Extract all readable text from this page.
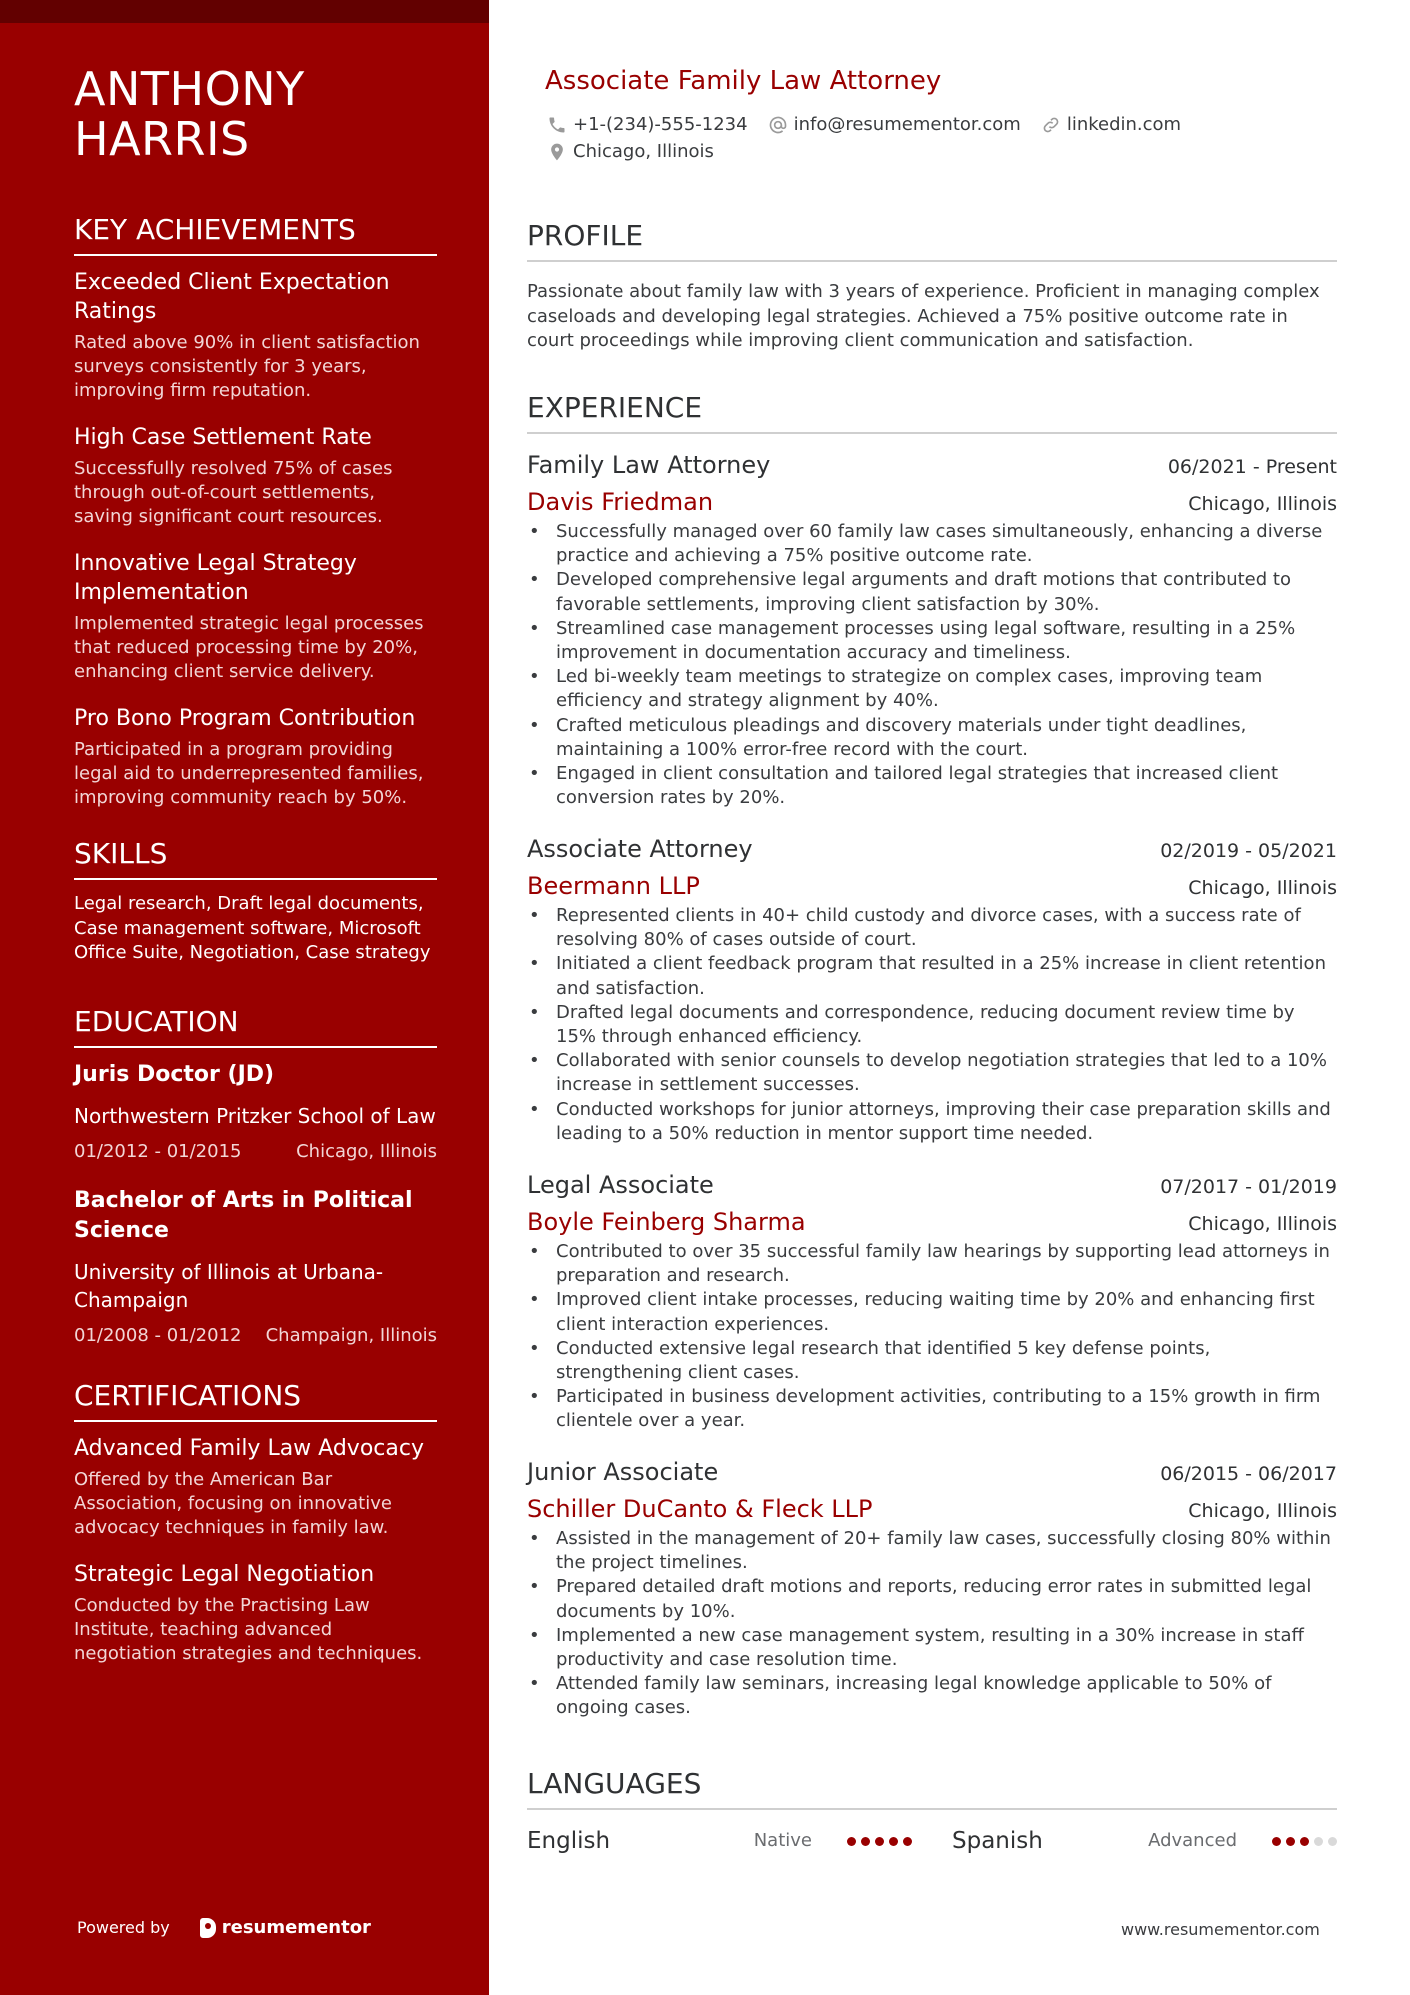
ANTHONY
HARRIS
KEY ACHIEVEMENTS
Exceeded Client Expectation Ratings
Rated above 90% in client satisfaction surveys consistently for 3 years, improving firm reputation.
High Case Settlement Rate
Successfully resolved 75% of cases through out-of-court settlements, saving significant court resources.
Innovative Legal Strategy Implementation
Implemented strategic legal processes that reduced processing time by 20%, enhancing client service delivery.
Pro Bono Program Contribution
Participated in a program providing legal aid to underrepresented families, improving community reach by 50%.
SKILLS
Legal research, Draft legal documents, Case management software, Microsoft Office Suite, Negotiation, Case strategy
EDUCATION
Juris Doctor (JD)
Northwestern Pritzker School of Law
01/2012 - 01/2015	Chicago, Illinois
Bachelor of Arts in Political Science
University of Illinois at Urbana-Champaign
01/2008 - 01/2012 Champaign, Illinois
CERTIFICATIONS
Advanced Family Law Advocacy
Offered by the American Bar Association, focusing on innovative advocacy techniques in family law.
Strategic Legal Negotiation
Conducted by the Practising Law Institute, teaching advanced negotiation strategies and techniques.
Powered by	resumementor
Associate Family Law Attorney
+1-(234)-555-1234	info@resumementor.com	linkedin.com
Chicago, Illinois
PROFILE
Passionate about family law with 3 years of experience. Proficient in managing complex caseloads and developing legal strategies. Achieved a 75% positive outcome rate in court proceedings while improving client communication and satisfaction.
EXPERIENCE
Family Law Attorney	06/2021 - Present
Davis Friedman	Chicago, Illinois
• Successfully managed over 60 family law cases simultaneously, enhancing a diverse practice and achieving a 75% positive outcome rate.
• Developed comprehensive legal arguments and draft motions that contributed to favorable settlements, improving client satisfaction by 30%.
• Streamlined case management processes using legal software, resulting in a 25% improvement in documentation accuracy and timeliness.
• Led bi-weekly team meetings to strategize on complex cases, improving team efficiency and strategy alignment by 40%.
• Crafted meticulous pleadings and discovery materials under tight deadlines, maintaining a 100% error-free record with the court.
• Engaged in client consultation and tailored legal strategies that increased client conversion rates by 20%.
Associate Attorney	02/2019 - 05/2021
Beermann LLP	Chicago, Illinois
• Represented clients in 40+ child custody and divorce cases, with a success rate of resolving 80% of cases outside of court.
• Initiated a client feedback program that resulted in a 25% increase in client retention and satisfaction.
• Drafted legal documents and correspondence, reducing document review time by 15% through enhanced efficiency.
• Collaborated with senior counsels to develop negotiation strategies that led to a 10% increase in settlement successes.
• Conducted workshops for junior attorneys, improving their case preparation skills and leading to a 50% reduction in mentor support time needed.
Legal Associate	07/2017 - 01/2019
Boyle Feinberg Sharma	Chicago, Illinois
• Contributed to over 35 successful family law hearings by supporting lead attorneys in preparation and research.
• Improved client intake processes, reducing waiting time by 20% and enhancing first client interaction experiences.
• Conducted extensive legal research that identified 5 key defense points, strengthening client cases.
• Participated in business development activities, contributing to a 15% growth in firm clientele over a year.
Junior Associate	06/2015 - 06/2017
Schiller DuCanto & Fleck LLP	Chicago, Illinois
• Assisted in the management of 20+ family law cases, successfully closing 80% within the project timelines.
• Prepared detailed draft motions and reports, reducing error rates in submitted legal documents by 10%.
• Implemented a new case management system, resulting in a 30% increase in staff productivity and case resolution time.
• Attended family law seminars, increasing legal knowledge applicable to 50% of ongoing cases.
LANGUAGES
English	Native	Spanish	Advanced
www.resumementor.com
